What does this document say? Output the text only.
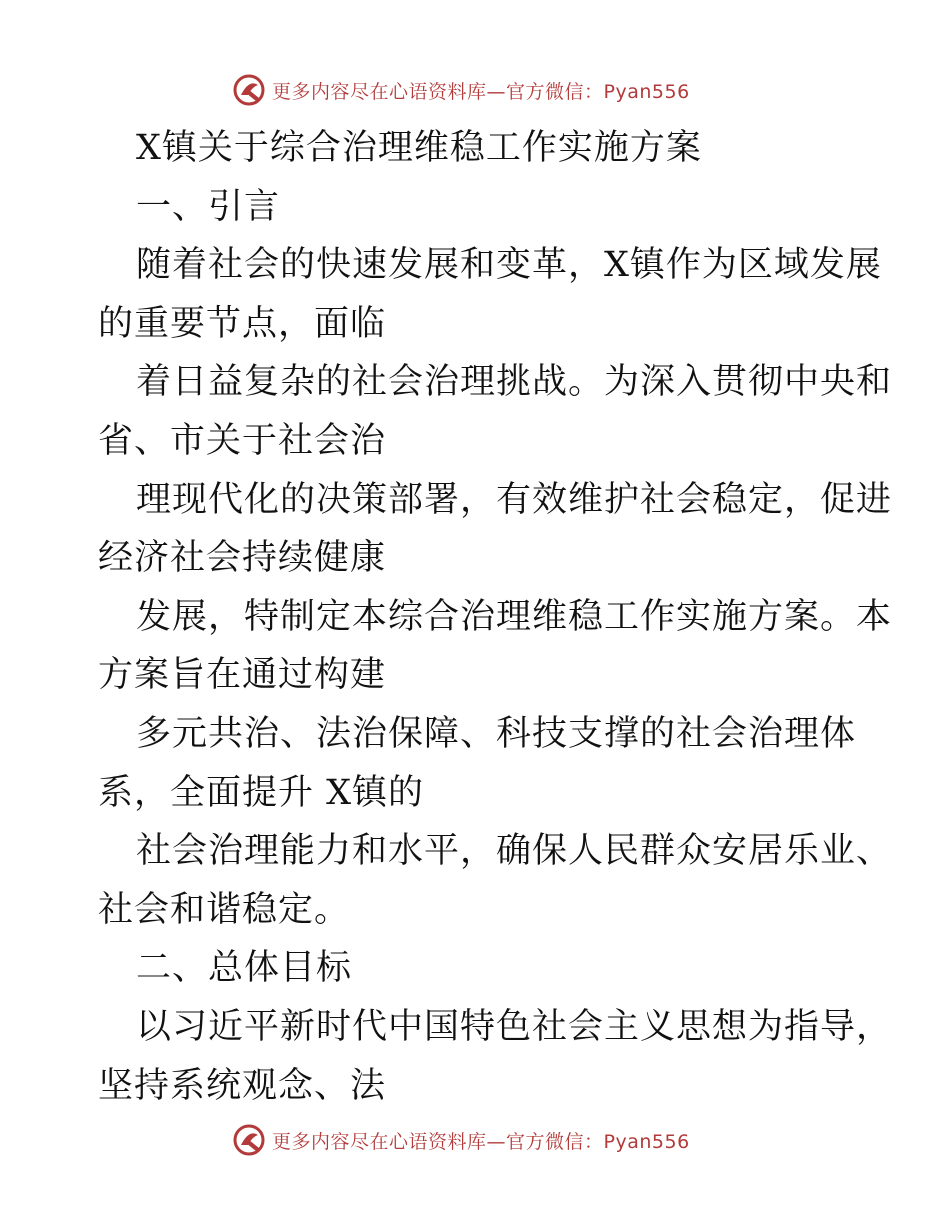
更多内容尽在心语资料库—官方微信：Pyan556
X镇关于综合治理维稳工作实施方案
一、引言
随着社会的快速发展和变革，X镇作为区域发展
的重要节点，面临
着日益复杂的社会治理挑战。为深入贯彻中央和
省、市关于社会治
理现代化的决策部署，有效维护社会稳定，促进
经济社会持续健康
发展，特制定本综合治理维稳工作实施方案。本
方案旨在通过构建
多元共治、法治保障、科技支撑的社会治理体
系，全面提升 X镇的
社会治理能力和水平，确保人民群众安居乐业、
社会和谐稳定。
二、总体目标
以习近平新时代中国特色社会主义思想为指导，
坚持系统观念、法
更多内容尽在心语资料库—官方微信：Pyan556
